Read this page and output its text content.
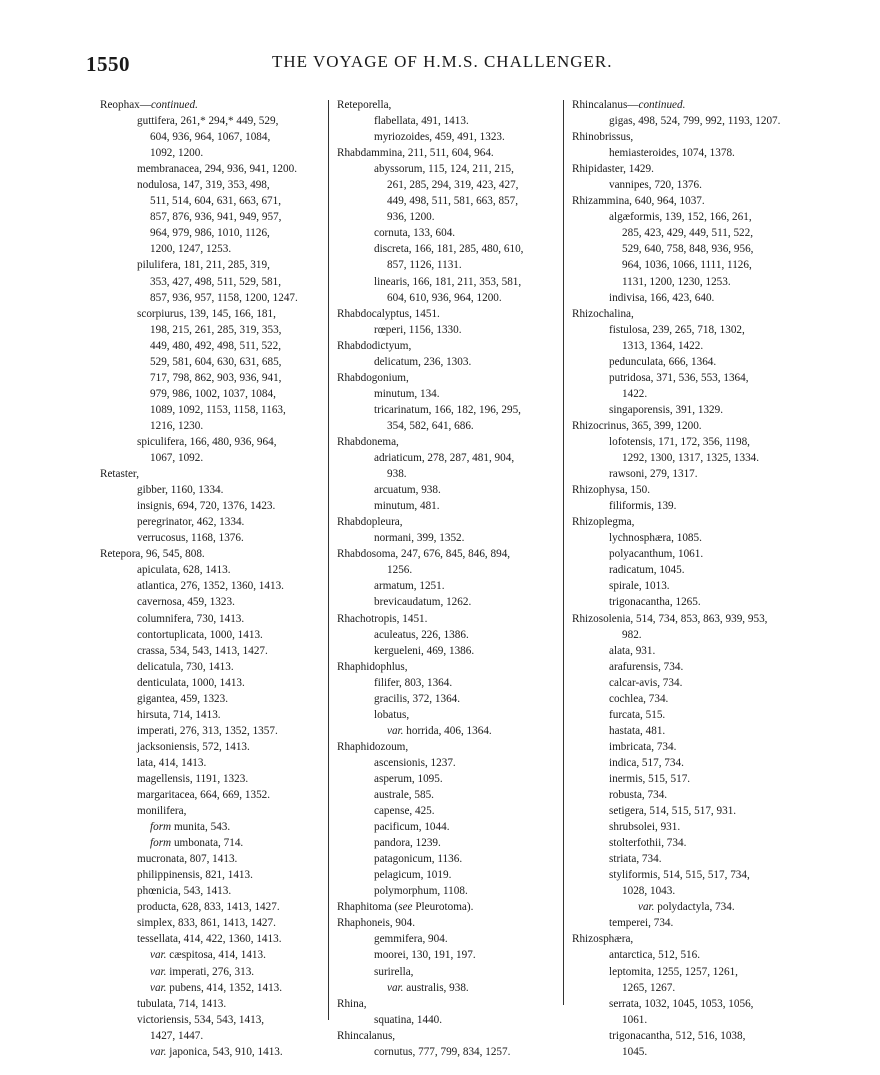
1550	THE VOYAGE OF H.M.S. CHALLENGER.
Reophax—continued.
guttifera, 261,* 294,* 449, 529,
604, 936, 964, 1067, 1084,
1092, 1200.
membranacea, 294, 936, 941, 1200.
nodulosa, 147, 319, 353, 498,
511, 514, 604, 631, 663, 671,
857, 876, 936, 941, 949, 957,
964, 979, 986, 1010, 1126,
1200, 1247, 1253.
pilulifera, 181, 211, 285, 319,
353, 427, 498, 511, 529, 581,
857, 936, 957, 1158, 1200, 1247.
scorpiurus, 139, 145, 166, 181,
198, 215, 261, 285, 319, 353,
449, 480, 492, 498, 511, 522,
529, 581, 604, 630, 631, 685,
717, 798, 862, 903, 936, 941,
979, 986, 1002, 1037, 1084,
1089, 1092, 1153, 1158, 1163,
1216, 1230.
spiculifera, 166, 480, 936, 964,
1067, 1092.
Retaster,
gibber, 1160, 1334.
insignis, 694, 720, 1376, 1423.
peregrinator, 462, 1334.
verrucosus, 1168, 1376.
Retepora, 96, 545, 808.
apiculata, 628, 1413.
atlantica, 276, 1352, 1360, 1413.
cavernosa, 459, 1323.
columnifera, 730, 1413.
contortuplicata, 1000, 1413.
crassa, 534, 543, 1413, 1427.
delicatula, 730, 1413.
denticulata, 1000, 1413.
gigantea, 459, 1323.
hirsuta, 714, 1413.
imperati, 276, 313, 1352, 1357.
jacksoniensis, 572, 1413.
lata, 414, 1413.
magellensis, 1191, 1323.
margaritacea, 664, 669, 1352.
monilifera,
form munita, 543.
form umbonata, 714.
mucronata, 807, 1413.
philippinensis, 821, 1413.
phœnicia, 543, 1413.
producta, 628, 833, 1413, 1427.
simplex, 833, 861, 1413, 1427.
tessellata, 414, 422, 1360, 1413.
var. cæspitosa, 414, 1413.
var. imperati, 276, 313.
var. pubens, 414, 1352, 1413.
tubulata, 714, 1413.
victoriensis, 534, 543, 1413,
1427, 1447.
var. japonica, 543, 910, 1413.
Reteporella,
flabellata, 491, 1413.
myriozoides, 459, 491, 1323.
Rhabdammina, 211, 511, 604, 964.
abyssorum, 115, 124, 211, 215,
261, 285, 294, 319, 423, 427,
449, 498, 511, 581, 663, 857,
936, 1200.
cornuta, 133, 604.
discreta, 166, 181, 285, 480, 610,
857, 1126, 1131.
linearis, 166, 181, 211, 353, 581,
604, 610, 936, 964, 1200.
Rhabdocalyptus, 1451.
rœperi, 1156, 1330.
Rhabdodictyum,
delicatum, 236, 1303.
Rhabdogonium,
minutum, 134.
tricarinatum, 166, 182, 196, 295,
354, 582, 641, 686.
Rhabdonema,
adriaticum, 278, 287, 481, 904,
938.
arcuatum, 938.
minutum, 481.
Rhabdopleura,
normani, 399, 1352.
Rhabdosoma, 247, 676, 845, 846, 894,
1256.
armatum, 1251.
brevicaudatum, 1262.
Rhachotropis, 1451.
aculeatus, 226, 1386.
kergueleni, 469, 1386.
Rhaphidophlus,
filifer, 803, 1364.
gracilis, 372, 1364.
lobatus,
var. horrida, 406, 1364.
Rhaphidozoum,
ascensionis, 1237.
asperum, 1095.
australe, 585.
capense, 425.
pacificum, 1044.
pandora, 1239.
patagonicum, 1136.
pelagicum, 1019.
polymorphum, 1108.
Rhaphitoma (see Pleurotoma).
Rhaphoneis, 904.
gemmifera, 904.
moorei, 130, 191, 197.
surirella,
var. australis, 938.
Rhina,
squatina, 1440.
Rhincalanus,
cornutus, 777, 799, 834, 1257.
Rhincalanus—continued.
gigas, 498, 524, 799, 992, 1193, 1207.
Rhinobrissus,
hemiasteroides, 1074, 1378.
Rhipidaster, 1429.
vannipes, 720, 1376.
Rhizammina, 640, 964, 1037.
algæformis, 139, 152, 166, 261,
285, 423, 429, 449, 511, 522,
529, 640, 758, 848, 936, 956,
964, 1036, 1066, 1111, 1126,
1131, 1200, 1230, 1253.
indivisa, 166, 423, 640.
Rhizochalina,
fistulosa, 239, 265, 718, 1302,
1313, 1364, 1422.
pedunculata, 666, 1364.
putridosa, 371, 536, 553, 1364,
1422.
singaporensis, 391, 1329.
Rhizocrinus, 365, 399, 1200.
lofotensis, 171, 172, 356, 1198,
1292, 1300, 1317, 1325, 1334.
rawsoni, 279, 1317.
Rhizophysa, 150.
filiformis, 139.
Rhizoplegma,
lychnosphæra, 1085.
polyacanthum, 1061.
radicatum, 1045.
spirale, 1013.
trigonacantha, 1265.
Rhizosolenia, 514, 734, 853, 863, 939, 953,
982.
alata, 931.
arafurensis, 734.
calcar-avis, 734.
cochlea, 734.
furcata, 515.
hastata, 481.
imbricata, 734.
indica, 517, 734.
inermis, 515, 517.
robusta, 734.
setigera, 514, 515, 517, 931.
shrubsolei, 931.
stolterfothii, 734.
striata, 734.
styliformis, 514, 515, 517, 734,
1028, 1043.
var. polydactyla, 734.
temperei, 734.
Rhizosphæra,
antarctica, 512, 516.
leptomita, 1255, 1257, 1261,
1265, 1267.
serrata, 1032, 1045, 1053, 1056,
1061.
trigonacantha, 512, 516, 1038,
1045.
